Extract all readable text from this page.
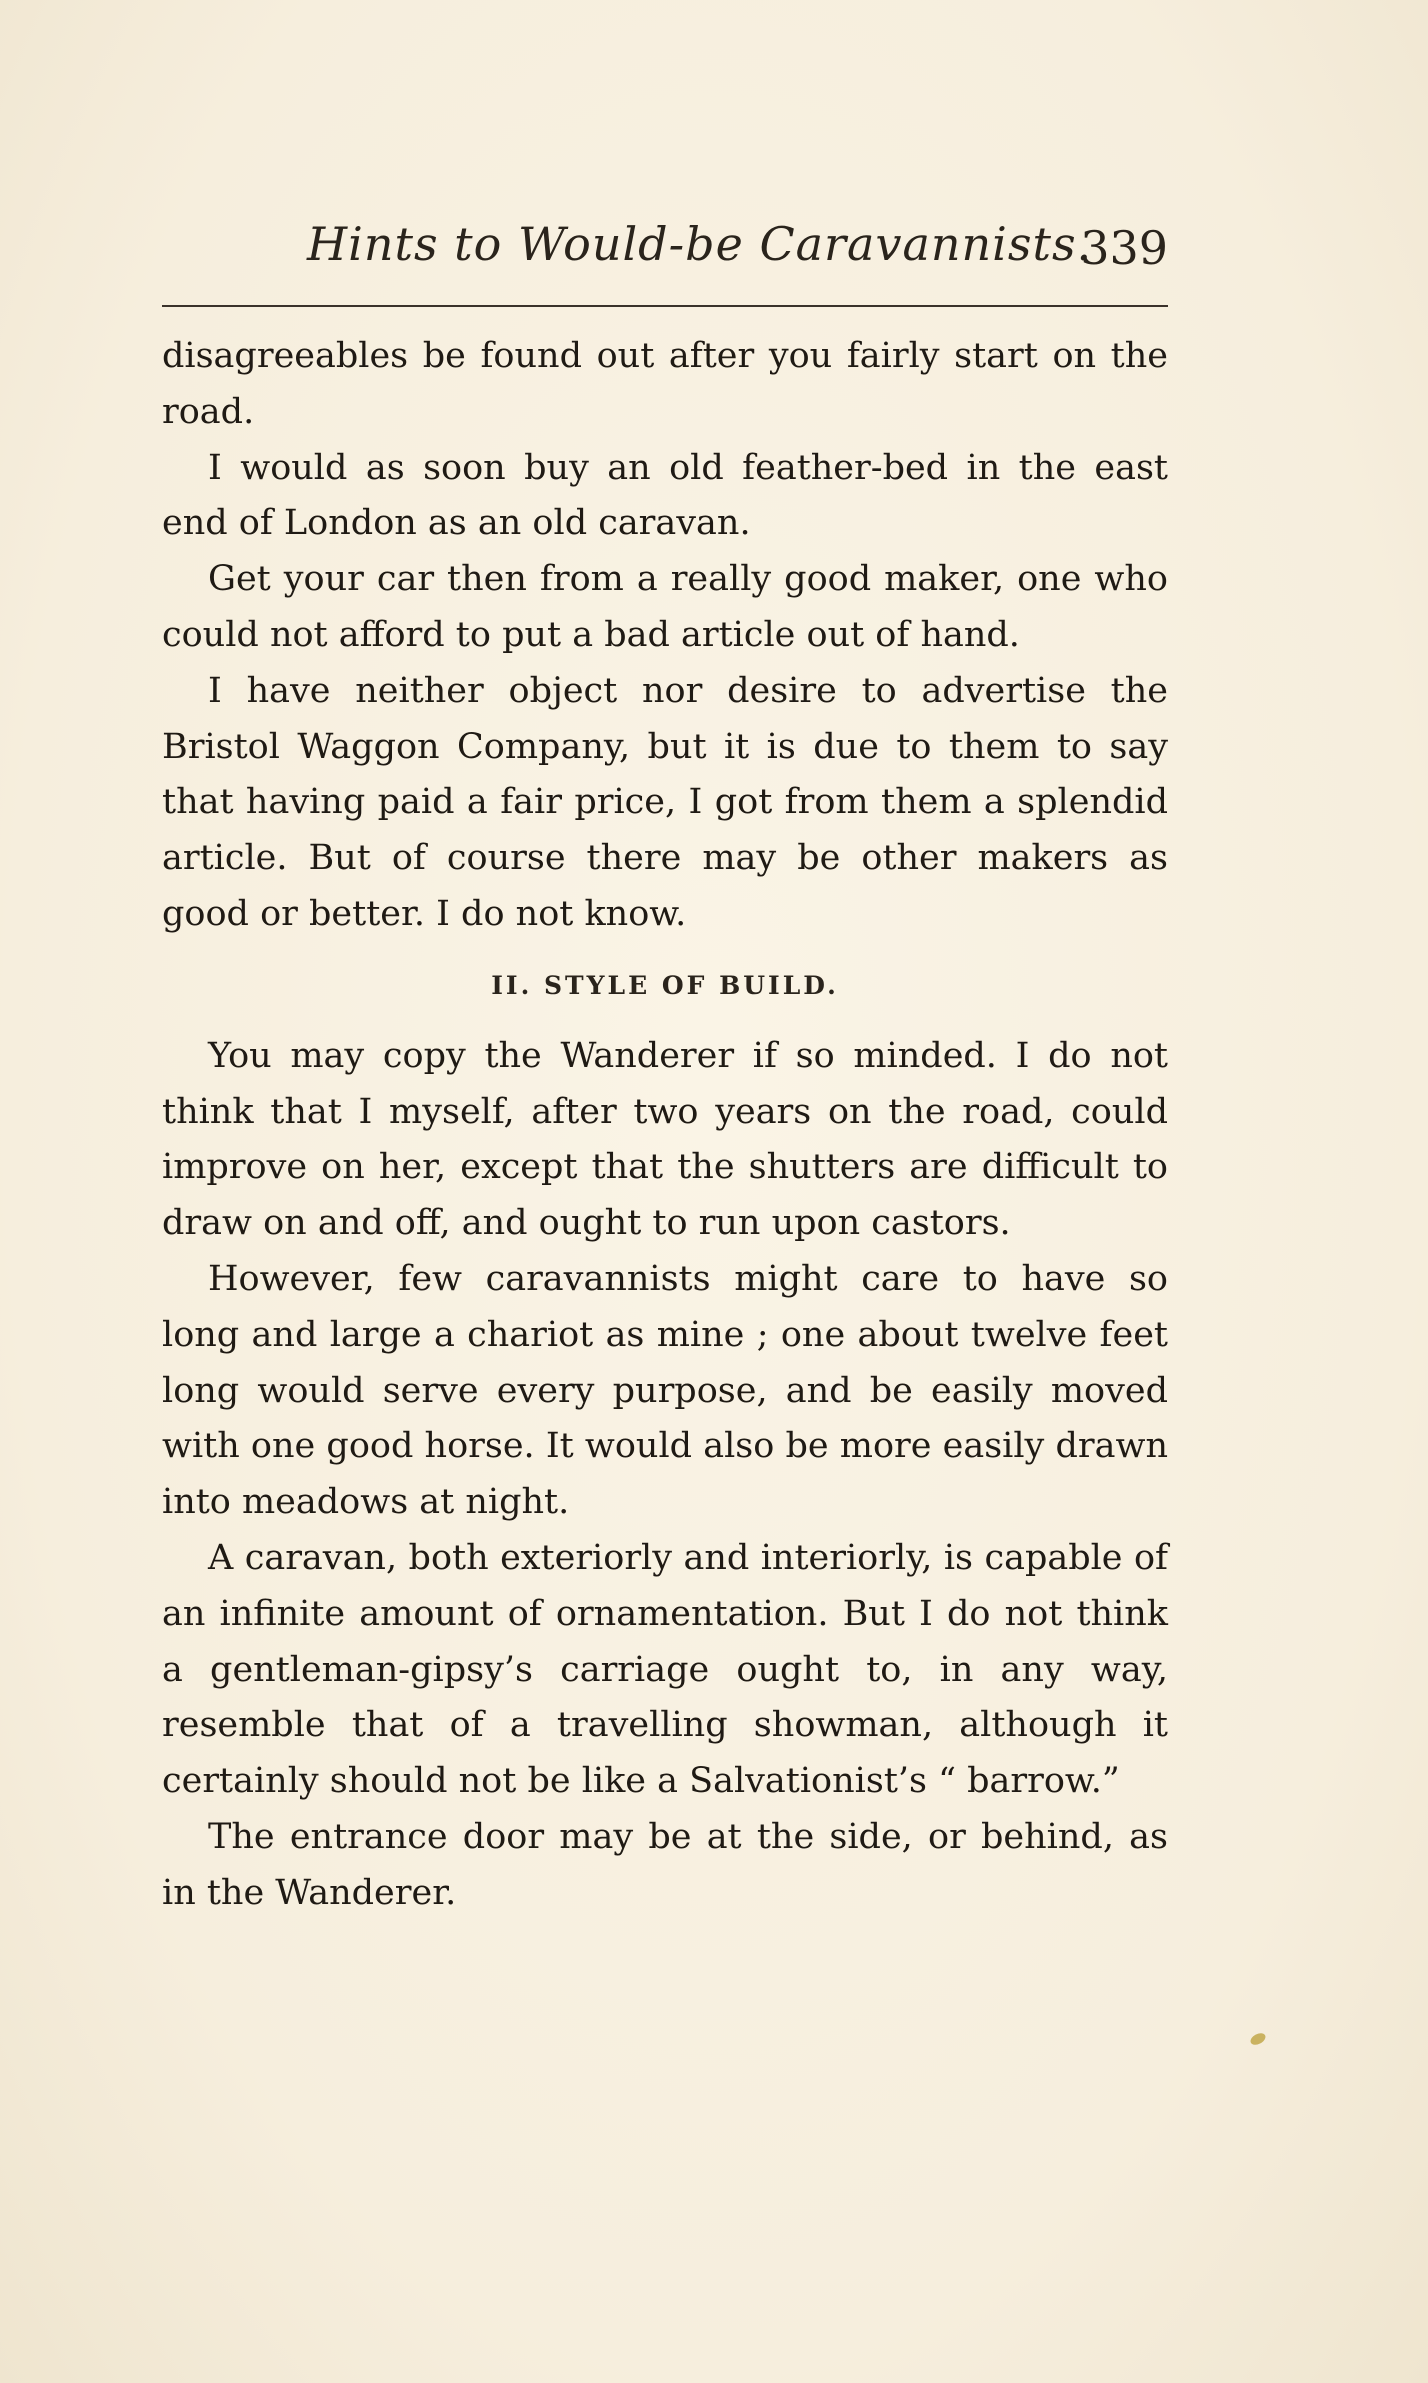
Hints to Would-be Caravannists.
339

disagreeables be found out after you fairly start on the road.

I would as soon buy an old feather-bed in the east end of London as an old caravan.

Get your car then from a really good maker, one who could not afford to put a bad article out of hand.

I have neither object nor desire to advertise the Bristol Waggon Company, but it is due to them to say that having paid a fair price, I got from them a splendid article. But of course there may be other makers as good or better. I do not know.

II. STYLE OF BUILD.

You may copy the Wanderer if so minded. I do not think that I myself, after two years on the road, could improve on her, except that the shutters are difficult to draw on and off, and ought to run upon castors.

However, few caravannists might care to have so long and large a chariot as mine ; one about twelve feet long would serve every purpose, and be easily moved with one good horse. It would also be more easily drawn into meadows at night.

A caravan, both exteriorly and interiorly, is capable of an infinite amount of ornamentation. But I do not think a gentleman-gipsy’s carriage ought to, in any way, resemble that of a travelling showman, although it certainly should not be like a Salvationist’s “ barrow.”

The entrance door may be at the side, or behind, as in the Wanderer.
